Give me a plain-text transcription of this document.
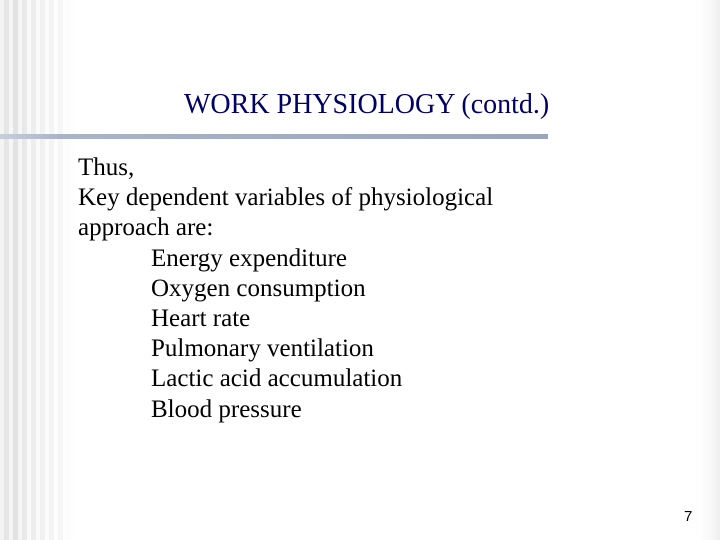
WORK PHYSIOLOGY (contd.)
Thus,
Key dependent variables of physiological
approach are:
Energy expenditure
Oxygen consumption
Heart rate
Pulmonary ventilation
Lactic acid accumulation
Blood pressure
7
